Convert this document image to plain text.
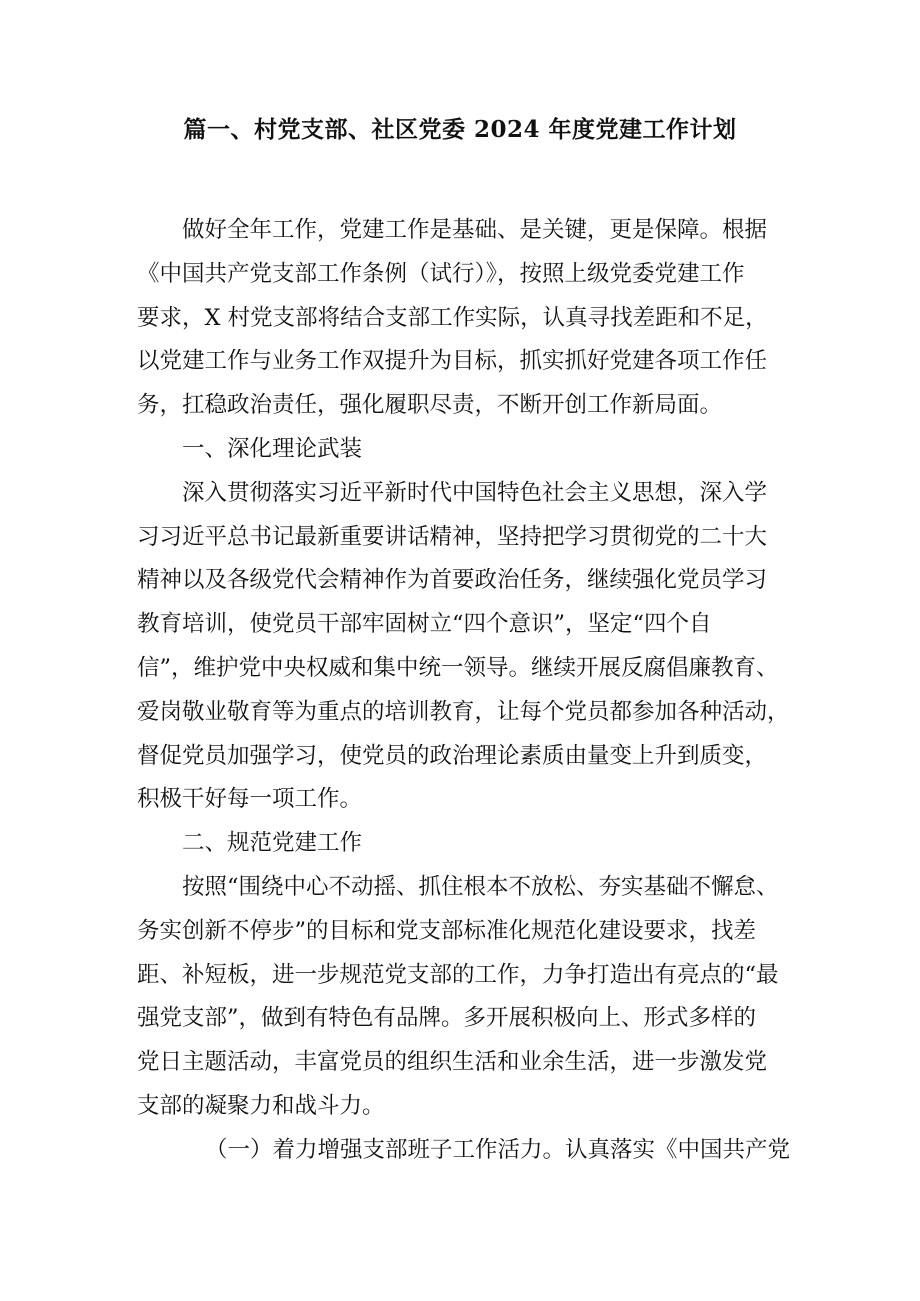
篇一、村党支部、社区党委 2024 年度党建工作计划
做好全年工作，党建工作是基础、是关键，更是保障。根据
《中国共产党支部工作条例（试行）》，按照上级党委党建工作
要求，X 村党支部将结合支部工作实际，认真寻找差距和不足，
以党建工作与业务工作双提升为目标，抓实抓好党建各项工作任
务，扛稳政治责任，强化履职尽责，不断开创工作新局面。
一、深化理论武装
深入贯彻落实习近平新时代中国特色社会主义思想，深入学
习习近平总书记最新重要讲话精神，坚持把学习贯彻党的二十大
精神以及各级党代会精神作为首要政治任务，继续强化党员学习
教育培训，使党员干部牢固树立“四个意识”，坚定“四个自
信”，维护党中央权威和集中统一领导。继续开展反腐倡廉教育、
爱岗敬业敬育等为重点的培训教育，让每个党员都参加各种活动，
督促党员加强学习，使党员的政治理论素质由量变上升到质变，
积极干好每一项工作。
二、规范党建工作
按照“围绕中心不动摇、抓住根本不放松、夯实基础不懈怠、
务实创新不停步”的目标和党支部标准化规范化建设要求，找差
距、补短板，进一步规范党支部的工作，力争打造出有亮点的“最
强党支部”，做到有特色有品牌。多开展积极向上、形式多样的
党日主题活动，丰富党员的组织生活和业余生活，进一步激发党
支部的凝聚力和战斗力。
（一）着力增强支部班子工作活力。认真落实《中国共产党
